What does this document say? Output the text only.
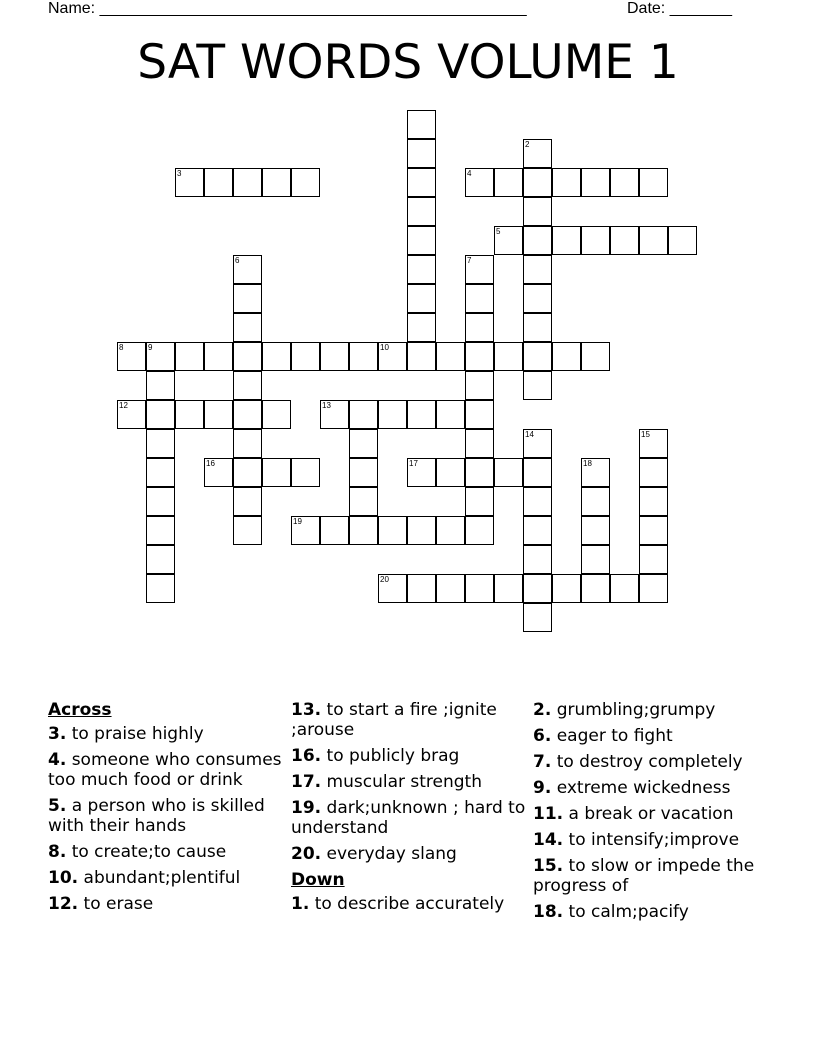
Name: ________________________________________________	Date: _______
SAT WORDS VOLUME 1
2
3	4
5
6	7
8	9	10
12	13
14	15
16	17	18
19
20
Across
3. to praise highly
4. someone who consumes too much food or drink
5. a person who is skilled with their hands
8. to create;to cause
10. abundant;plentiful
12. to erase
13. to start a fire ;ignite ;arouse
16. to publicly brag
17. muscular strength
19. dark;unknown ; hard to understand
20. everyday slang
Down
1. to describe accurately
2. grumbling;grumpy
6. eager to fight
7. to destroy completely
9. extreme wickedness
11. a break or vacation
14. to intensify;improve
15. to slow or impede the progress of
18. to calm;pacify
